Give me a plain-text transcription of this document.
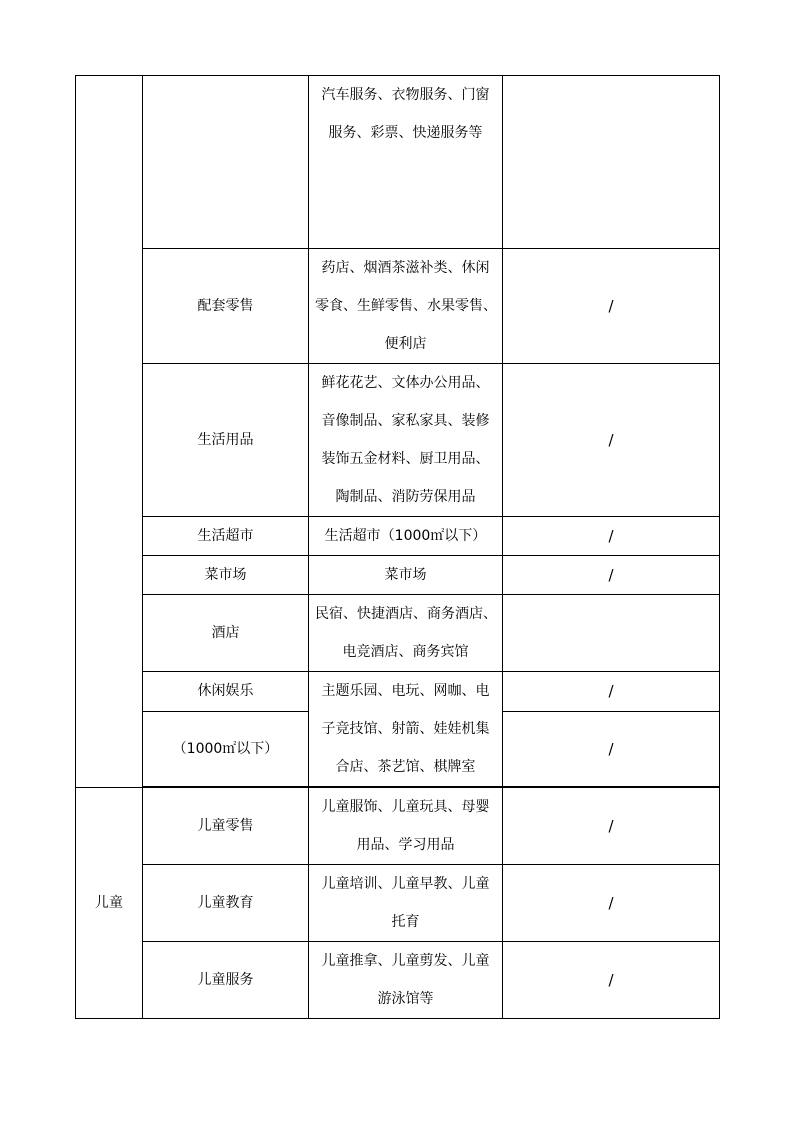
		汽车服务、衣物服务、门窗
服务、彩票、快递服务等	

	配套零售	药店、烟酒茶滋补类、休闲
零食、生鲜零售、水果零售、
便利店	/
	生活用品	鲜花花艺、文体办公用品、
音像制品、家私家具、装修
装饰五金材料、厨卫用品、
陶制品、消防劳保用品	/
	生活超市	生活超市（1000㎡以下）	/
	菜市场	菜市场	/
	酒店	民宿、快捷酒店、商务酒店、
电竞酒店、商务宾馆	

	休闲娱乐	主题乐园、电玩、网咖、电
子竞技馆、射箭、娃娃机集
合店、茶艺馆、棋牌室	/
	（1000㎡以下）		/

儿童	儿童零售	儿童服饰、儿童玩具、母婴
用品、学习用品	/
	儿童教育	儿童培训、儿童早教、儿童
托育	/
	儿童服务	儿童推拿、儿童剪发、儿童
游泳馆等	/
